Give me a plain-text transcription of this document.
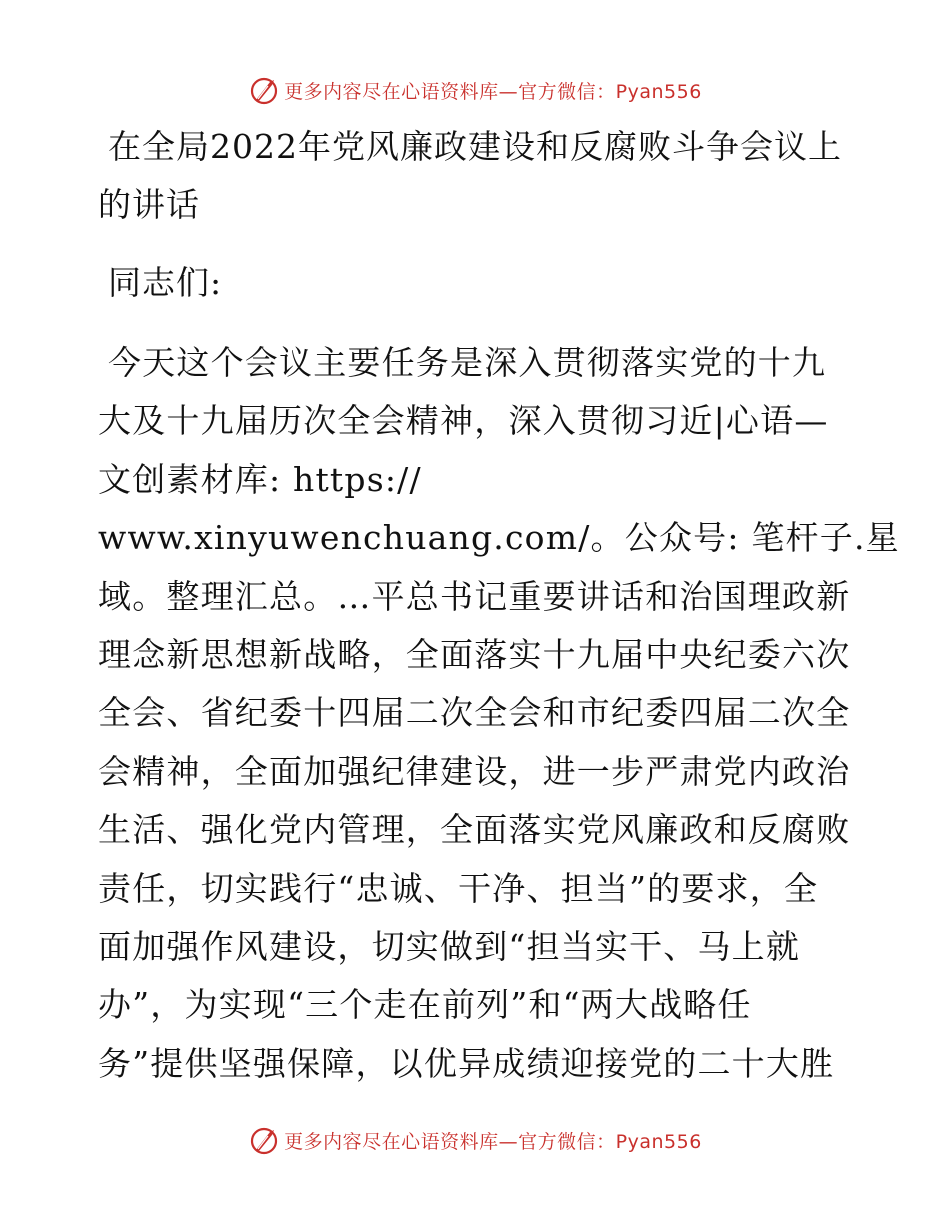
更多内容尽在心语资料库—官方微信：Pyan556
在全局2022年党风廉政建设和反腐败斗争会议上
的讲话

同志们:

今天这个会议主要任务是深入贯彻落实党的十九
大及十九届历次全会精神，深入贯彻习近|心语—
文创素材库: https://
www.xinyuwenchuang.com/。公众号: 笔杆子.星
域。整理汇总。…平总书记重要讲话和治国理政新
理念新思想新战略，全面落实十九届中央纪委六次
全会、省纪委十四届二次全会和市纪委四届二次全
会精神，全面加强纪律建设，进一步严肃党内政治
生活、强化党内管理，全面落实党风廉政和反腐败
责任，切实践行“忠诚、干净、担当”的要求，全
面加强作风建设，切实做到“担当实干、马上就
办”，为实现“三个走在前列”和“两大战略任
务”提供坚强保障，以优异成绩迎接党的二十大胜

更多内容尽在心语资料库—官方微信：Pyan556
